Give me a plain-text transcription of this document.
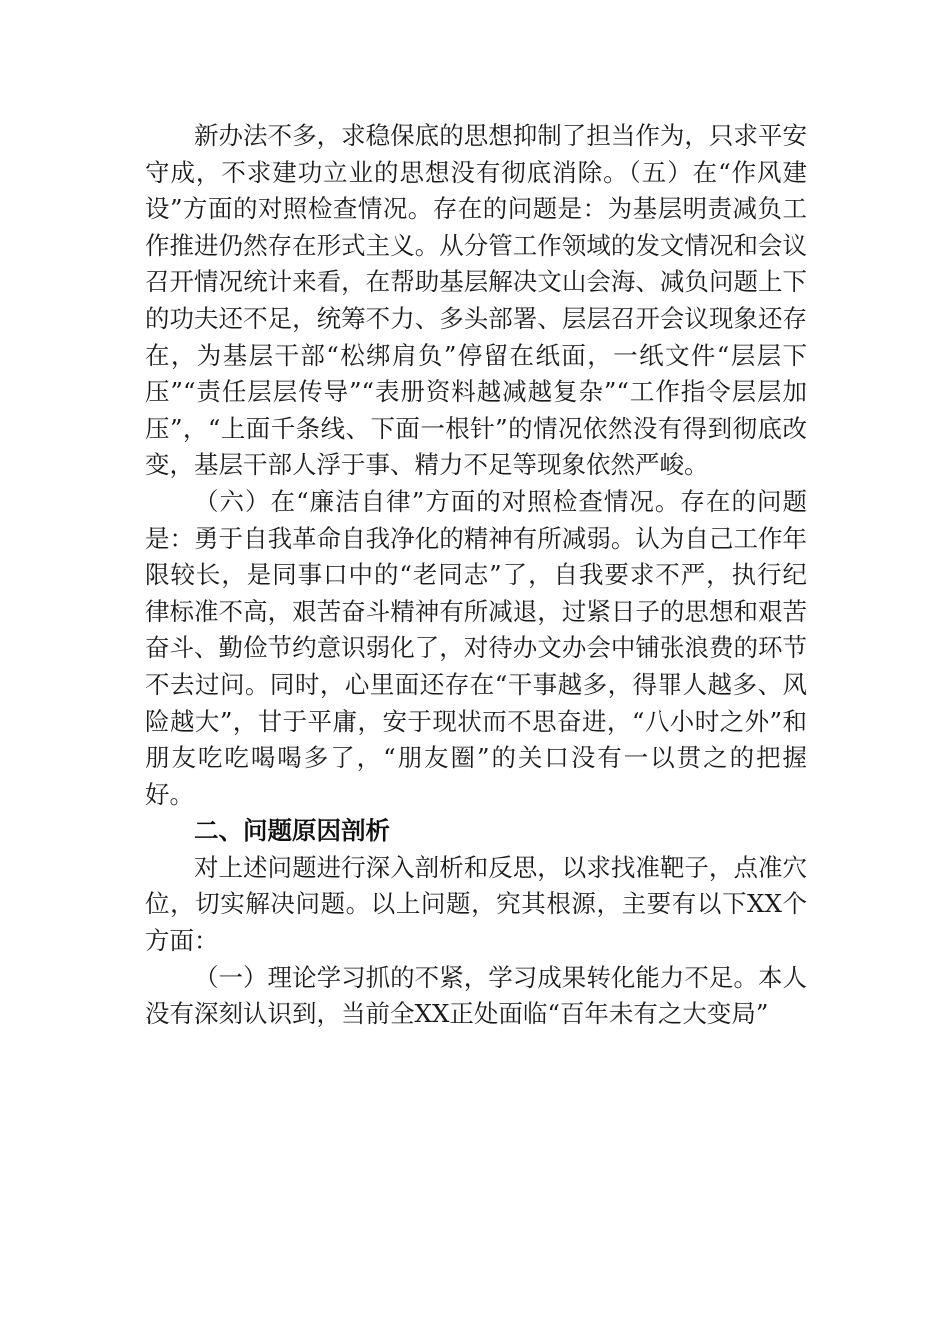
新办法不多，求稳保底的思想抑制了担当作为，只求平安守成，不求建功立业的思想没有彻底消除。（五）在“作风建设”方面的对照检查情况。存在的问题是：为基层明责减负工作推进仍然存在形式主义。从分管工作领域的发文情况和会议召开情况统计来看，在帮助基层解决文山会海、减负问题上下的功夫还不足，统筹不力、多头部署、层层召开会议现象还存在，为基层干部“松绑肩负”停留在纸面，一纸文件“层层下压”“责任层层传导”“表册资料越减越复杂”“工作指令层层加压”，“上面千条线、下面一根针”的情况依然没有得到彻底改变，基层干部人浮于事、精力不足等现象依然严峻。

（六）在“廉洁自律”方面的对照检查情况。存在的问题是：勇于自我革命自我净化的精神有所减弱。认为自己工作年限较长，是同事口中的“老同志”了，自我要求不严，执行纪律标准不高，艰苦奋斗精神有所减退，过紧日子的思想和艰苦奋斗、勤俭节约意识弱化了，对待办文办会中铺张浪费的环节不去过问。同时，心里面还存在“干事越多，得罪人越多、风险越大”，甘于平庸，安于现状而不思奋进，“八小时之外”和朋友吃吃喝喝多了，“朋友圈”的关口没有一以贯之的把握好。

二、问题原因剖析

对上述问题进行深入剖析和反思，以求找准靶子，点准穴位，切实解决问题。以上问题，究其根源，主要有以下XX个方面：

（一）理论学习抓的不紧，学习成果转化能力不足。本人没有深刻认识到，当前全XX正处面临“百年未有之大变局”
